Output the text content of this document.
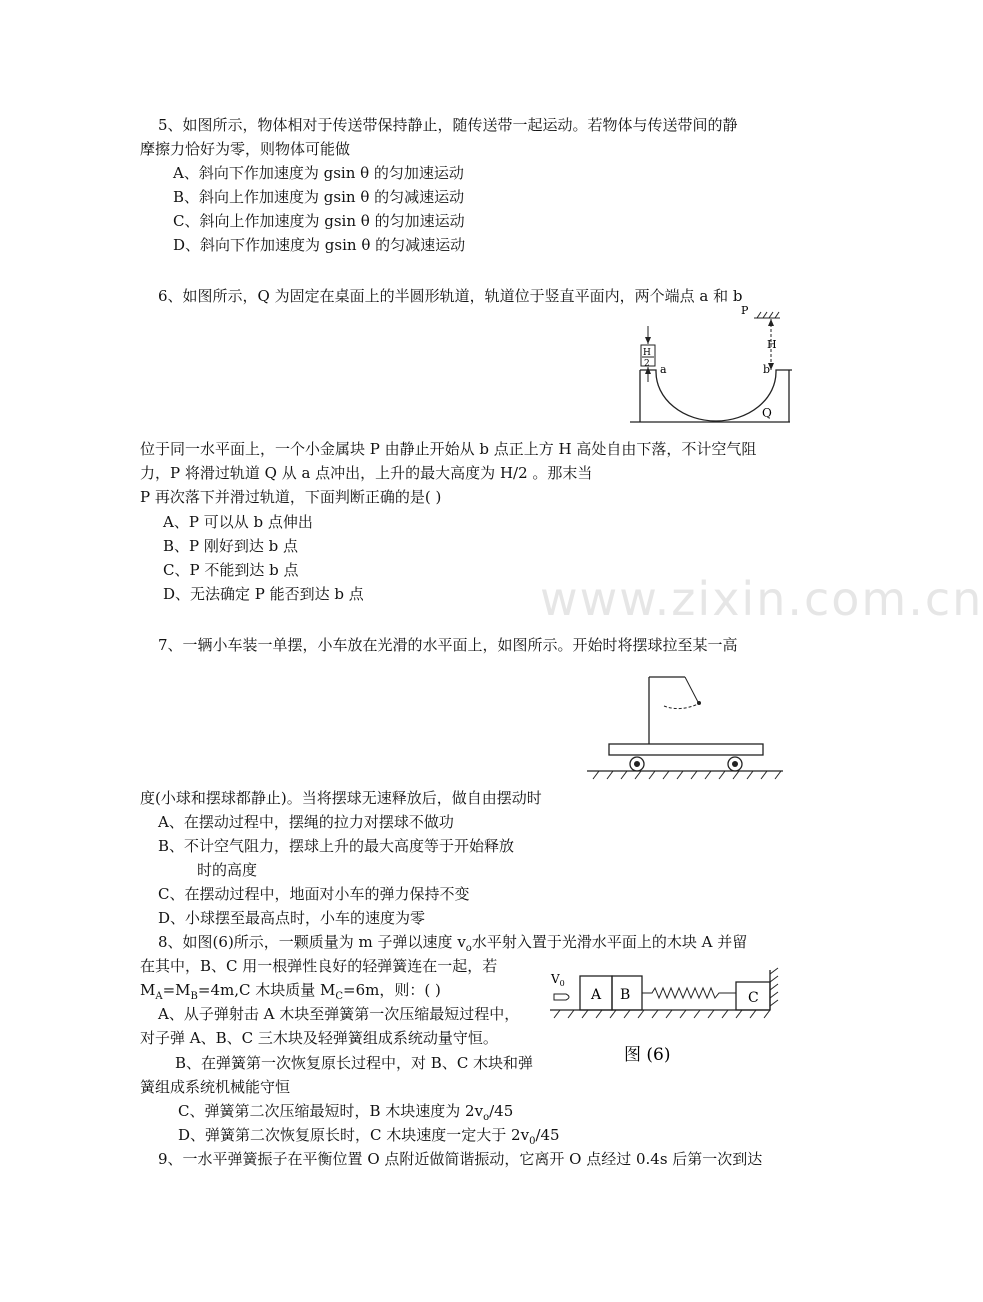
www.zixin.com.cn
5、如图所示，物体相对于传送带保持静止，随传送带一起运动。若物体与传送带间的静
摩擦力恰好为零，则物体可能做
A、斜向下作加速度为 gsin θ 的匀加速运动
B、斜向上作加速度为 gsin θ 的匀减速运动
C、斜向上作加速度为 gsin θ 的匀加速运动
D、斜向下作加速度为 gsin θ 的匀减速运动
6、如图所示，Q 为固定在桌面上的半圆形轨道，轨道位于竖直平面内，两个端点 a 和 b
P
H
H
2 a	b
Q
位于同一水平面上，一个小金属块 P 由静止开始从 b 点正上方 H 高处自由下落，不计空气阻
力，P 将滑过轨道 Q 从 a 点冲出，上升的最大高度为 H/2 。那末当
P 再次落下并滑过轨道，下面判断正确的是( )
A、P 可以从 b 点伸出
B、P 刚好到达 b 点
C、P 不能到达 b 点
D、无法确定 P 能否到达 b 点
7、一辆小车装一单摆，小车放在光滑的水平面上，如图所示。开始时将摆球拉至某一高
度(小球和摆球都静止)。当将摆球无速释放后，做自由摆动时
A、在摆动过程中，摆绳的拉力对摆球不做功
B、不计空气阻力，摆球上升的最大高度等于开始释放
时的高度
C、在摆动过程中，地面对小车的弹力保持不变
D、小球摆至最高点时，小车的速度为零
8、如图(6)所示，一颗质量为 m 子弹以速度 $v_o$水平射入置于光滑水平面上的木块 A 并留
在其中，B、C 用一根弹性良好的轻弹簧连在一起，若
$M_A=M_B=4m,C$ 木块质量 $M_C=6m$，则：( )
$V_0$
A B	C
图 (6)
A、从子弹射击 A 木块至弹簧第一次压缩最短过程中，
对子弹 A、B、C 三木块及轻弹簧组成系统动量守恒。
B、在弹簧第一次恢复原长过程中，对 B、C 木块和弹
簧组成系统机械能守恒
C、弹簧第二次压缩最短时，B 木块速度为 $2v_o/45$
D、弹簧第二次恢复原长时，C 木块速度一定大于 $2v_0/45$
9、一水平弹簧振子在平衡位置 O 点附近做简谐振动，它离开 O 点经过 0.4s 后第一次到达
